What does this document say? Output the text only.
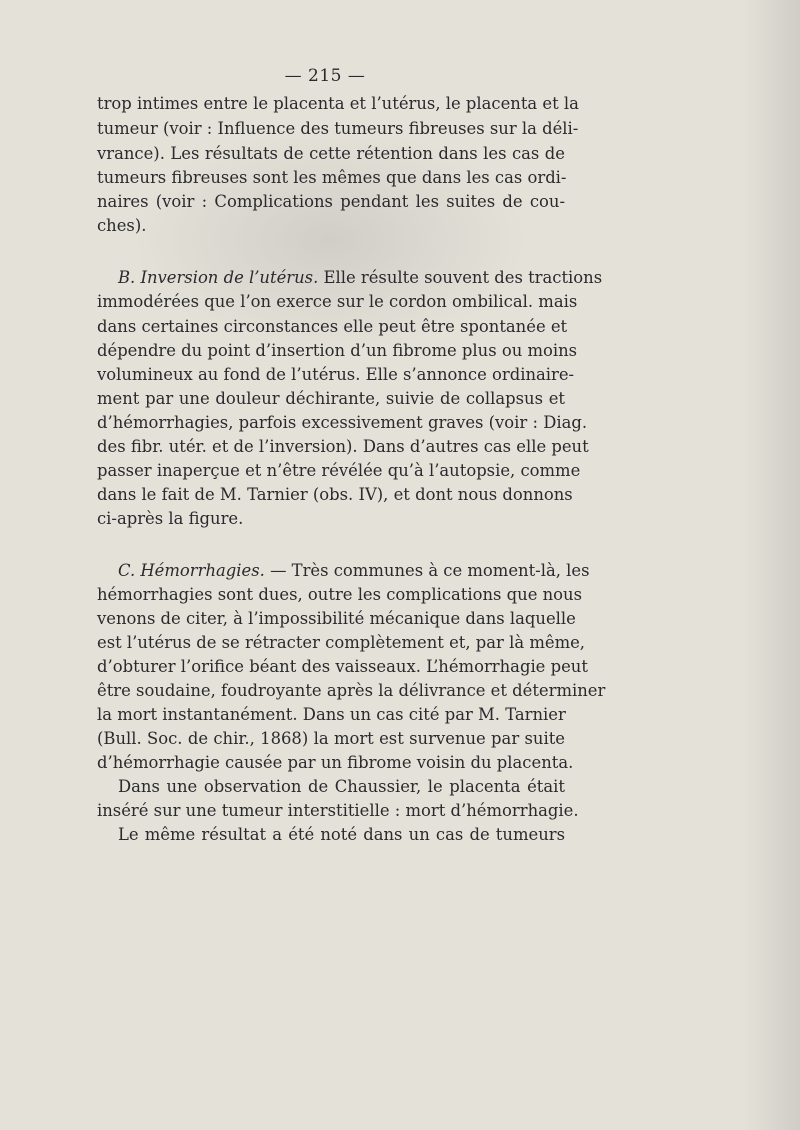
— 215 —
trop intimes entre le placenta et l’utérus, le placenta et la
tumeur (voir : Influence des tumeurs fibreuses sur la déli-
vrance). Les résultats de cette rétention dans les cas de
tumeurs fibreuses sont les mêmes que dans les cas ordi-
naires (voir : Complications pendant les suites de cou-
ches).
B. Inversion de l’utérus. Elle résulte souvent des tractions
immodérées que l’on exerce sur le cordon ombilical. mais
dans certaines circonstances elle peut être spontanée et
dépendre du point d’insertion d’un fibrome plus ou moins
volumineux au fond de l’utérus. Elle s’annonce ordinaire-
ment par une douleur déchirante, suivie de collapsus et
d’hémorrhagies, parfois excessivement graves (voir : Diag.
des fibr. utér. et de l’inversion). Dans d’autres cas elle peut
passer inaperçue et n’être révélée qu’à l’autopsie, comme
dans le fait de M. Tarnier (obs. IV), et dont nous donnons
ci-après la figure.
C. Hémorrhagies. — Très communes à ce moment-là, les
hémorrhagies sont dues, outre les complications que nous
venons de citer, à l’impossibilité mécanique dans laquelle
est l’utérus de se rétracter complètement et, par là même,
d’obturer l’orifice béant des vaisseaux. L’hémorrhagie peut
être soudaine, foudroyante après la délivrance et déterminer
la mort instantanément. Dans un cas cité par M. Tarnier
(Bull. Soc. de chir., 1868) la mort est survenue par suite
d’hémorrhagie causée par un fibrome voisin du placenta.
Dans une observation de Chaussier, le placenta était
inséré sur une tumeur interstitielle : mort d’hémorrhagie.
Le même résultat a été noté dans un cas de tumeurs
